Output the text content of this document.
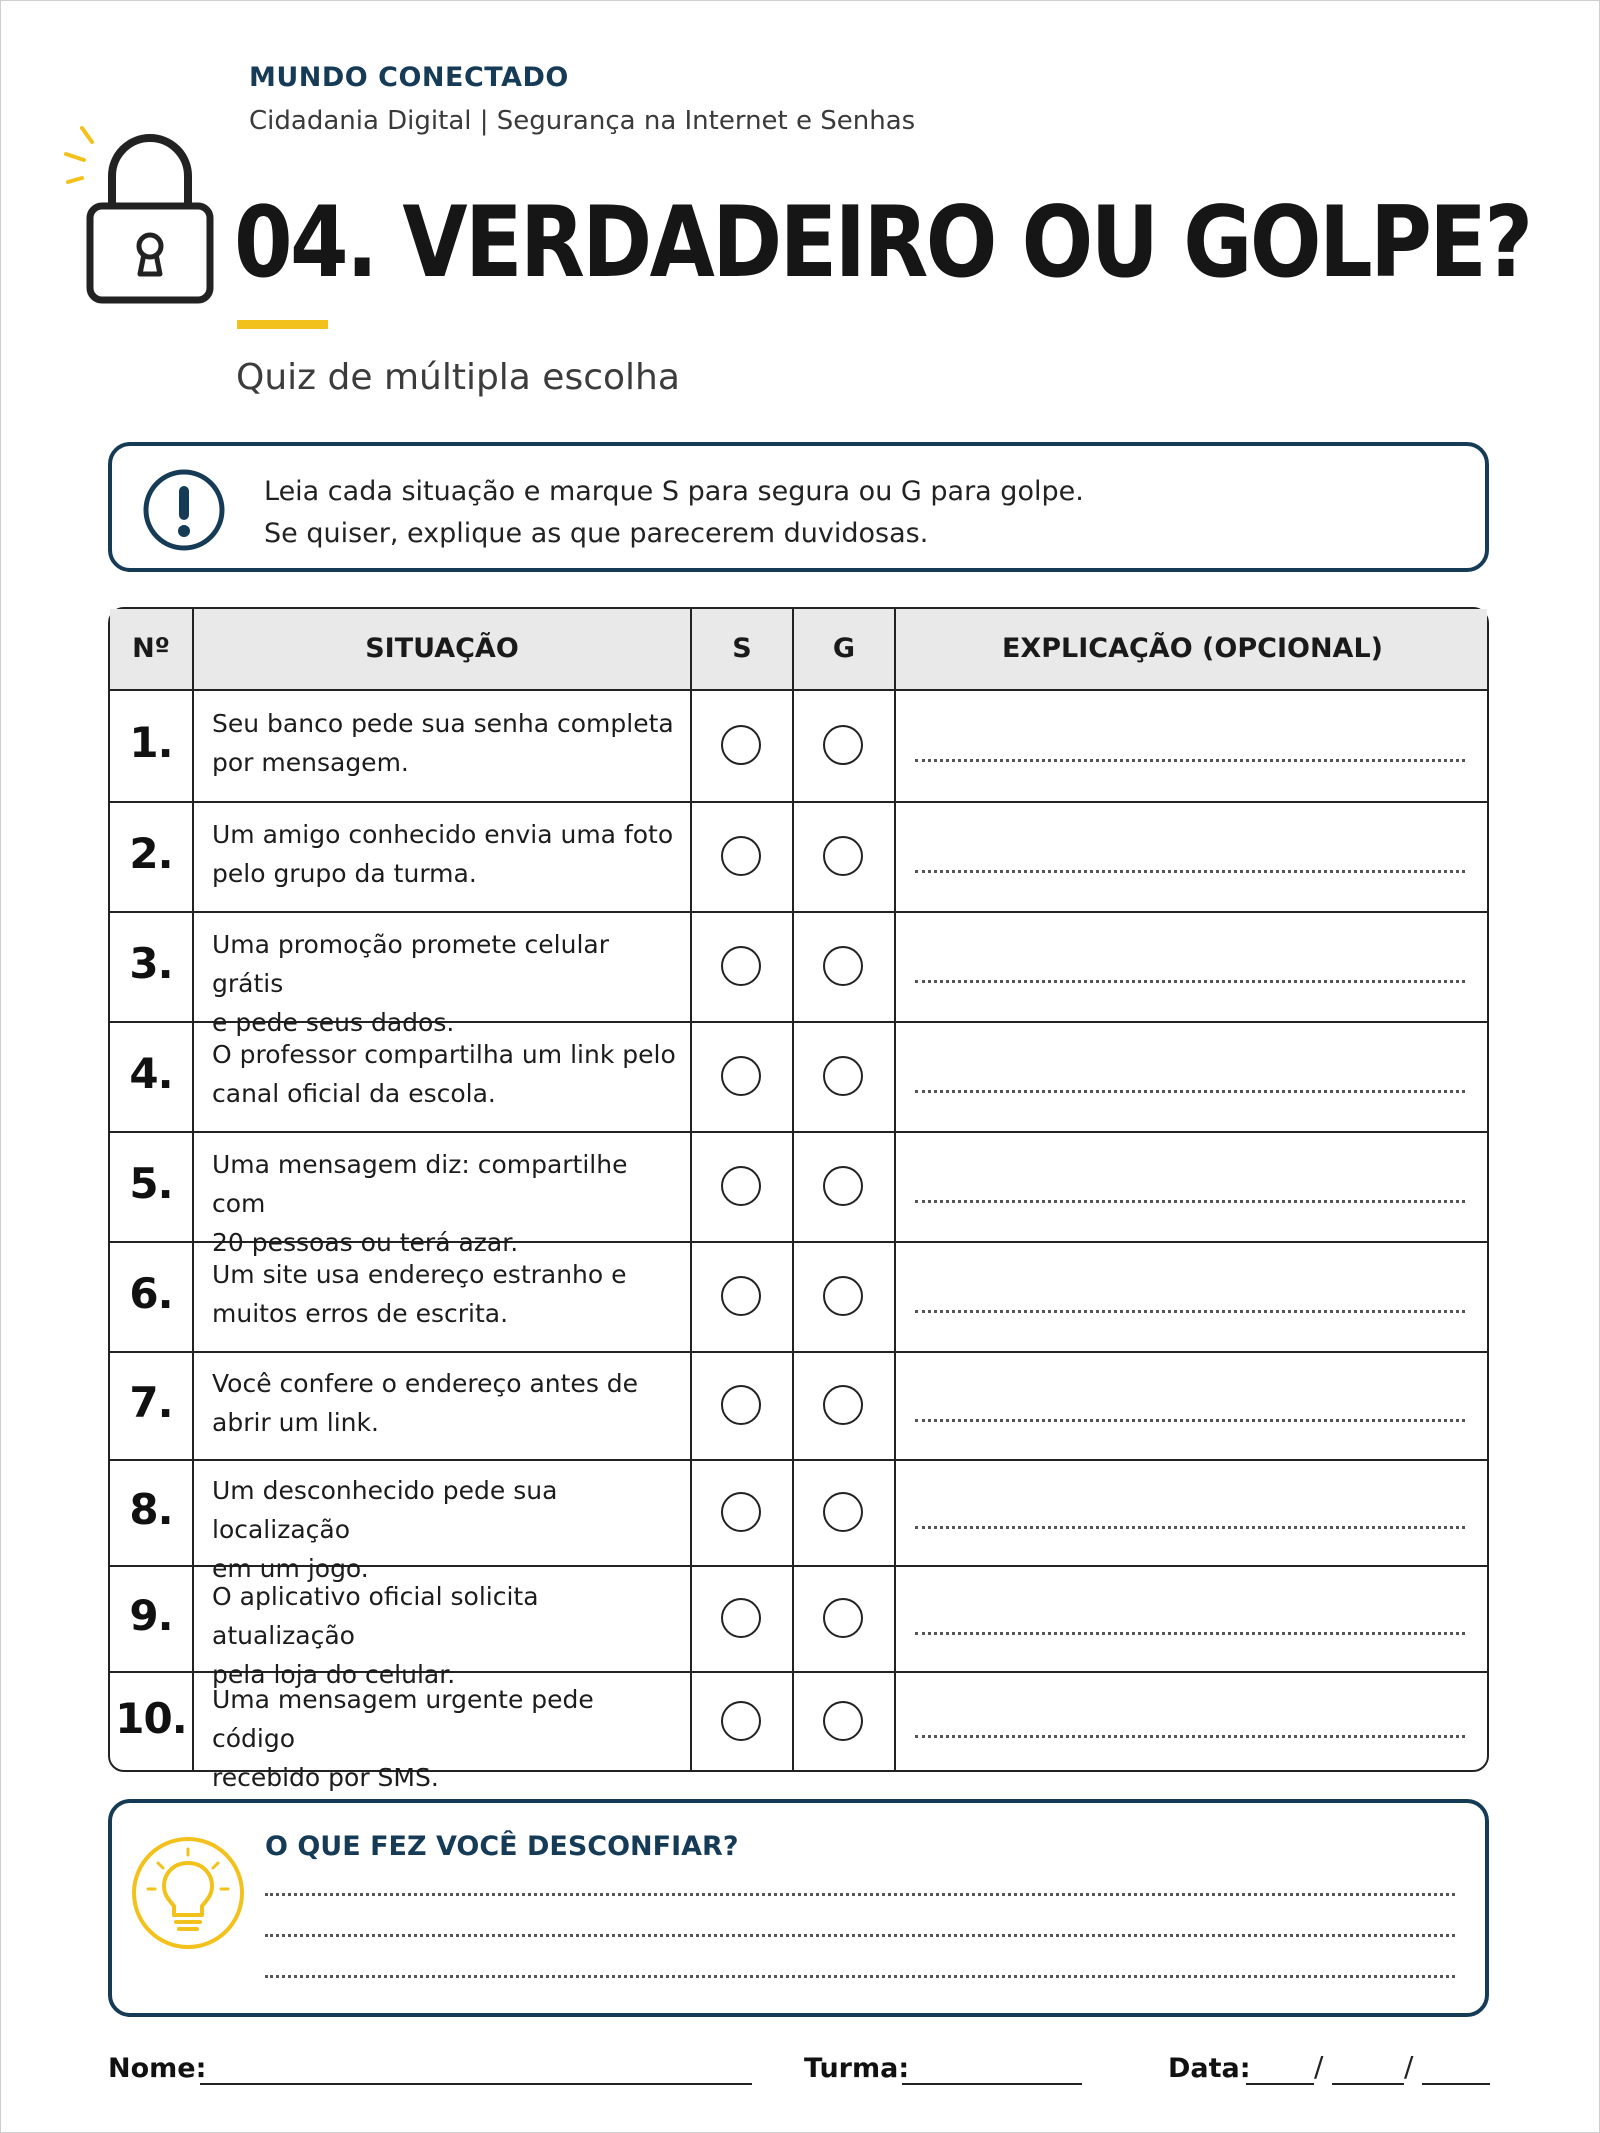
MUNDO CONECTADO
Cidadania Digital | Segurança na Internet e Senhas
04. VERDADEIRO OU GOLPE?
Quiz de múltipla escolha
Leia cada situação e marque S para segura ou G para golpe.
Se quiser, explique as que parecerem duvidosas.
Nº	SITUAÇÃO	S	G	EXPLICAÇÃO (OPCIONAL)
1.	Seu banco pede sua senha completa
por mensagem.
2.	Um amigo conhecido envia uma foto
pelo grupo da turma.
3.	Uma promoção promete celular grátis
e pede seus dados.
4.	O professor compartilha um link pelo
canal oficial da escola.
5.	Uma mensagem diz: compartilhe com
20 pessoas ou terá azar.
6.	Um site usa endereço estranho e
muitos erros de escrita.
7.	Você confere o endereço antes de
abrir um link.
8.	Um desconhecido pede sua localização
em um jogo.
9.	O aplicativo oficial solicita atualização
pela loja do celular.
10. Uma mensagem urgente pede código
recebido por SMS.
O QUE FEZ VOCÊ DESCONFIAR?
Nome:	Turma:	Data: /	/
